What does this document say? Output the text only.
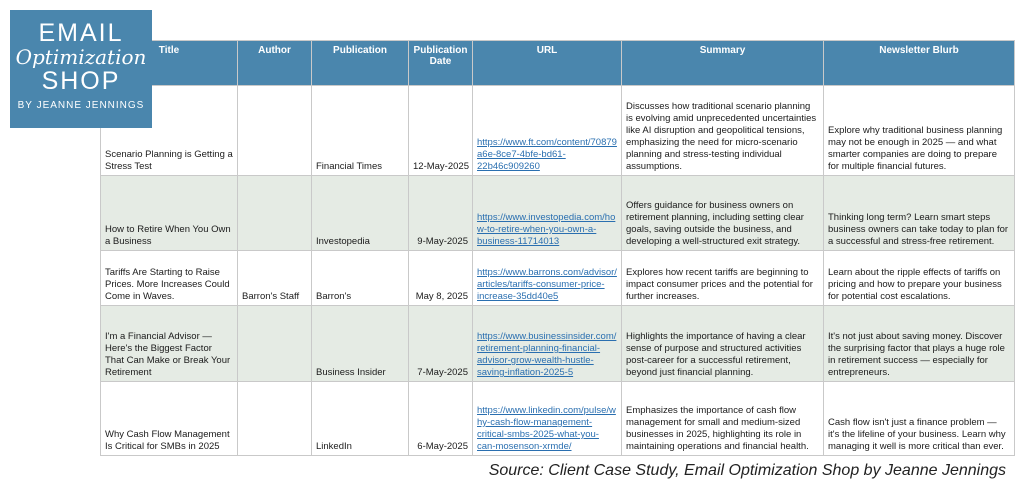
EMAIL
Optimization
SHOP
BY JEANNE JENNINGS
Title	Author	Publication	Publication Date	URL	Summary	Newsletter Blurb
Scenario Planning is Getting a Stress Test		Financial Times	12-May-2025	https://www.ft.com/content/70879a6e-8ce7-4bfe-bd61-22b46c909260	Discusses how traditional scenario planning is evolving amid unprecedented uncertainties like AI disruption and geopolitical tensions, emphasizing the need for micro-scenario planning and stress-testing individual assumptions.	Explore why traditional business planning may not be enough in 2025 — and what smarter companies are doing to prepare for multiple financial futures.
How to Retire When You Own a Business		Investopedia	9-May-2025	https://www.investopedia.com/how-to-retire-when-you-own-a-business-11714013	Offers guidance for business owners on retirement planning, including setting clear goals, saving outside the business, and developing a well-structured exit strategy.	Thinking long term? Learn smart steps business owners can take today to plan for a successful and stress-free retirement.
Tariffs Are Starting to Raise Prices. More Increases Could Come in Waves.	Barron's Staff	Barron's	May 8, 2025	https://www.barrons.com/advisor/articles/tariffs-consumer-price-increase-35dd40e5	Explores how recent tariffs are beginning to impact consumer prices and the potential for further increases.	Learn about the ripple effects of tariffs on pricing and how to prepare your business for potential cost escalations.
I'm a Financial Advisor — Here's the Biggest Factor That Can Make or Break Your Retirement		Business Insider	7-May-2025	https://www.businessinsider.com/retirement-planning-financial-advisor-grow-wealth-hustle-saving-inflation-2025-5	Highlights the importance of having a clear sense of purpose and structured activities post-career for a successful retirement, beyond just financial planning.	It's not just about saving money. Discover the surprising factor that plays a huge role in retirement success — especially for entrepreneurs.
Why Cash Flow Management Is Critical for SMBs in 2025		LinkedIn	6-May-2025	https://www.linkedin.com/pulse/why-cash-flow-management-critical-smbs-2025-what-you-can-mosenson-xrmde/	Emphasizes the importance of cash flow management for small and medium-sized businesses in 2025, highlighting its role in maintaining operations and financial health.	Cash flow isn't just a finance problem — it's the lifeline of your business. Learn why managing it well is more critical than ever.
Source: Client Case Study, Email Optimization Shop by Jeanne Jennings
